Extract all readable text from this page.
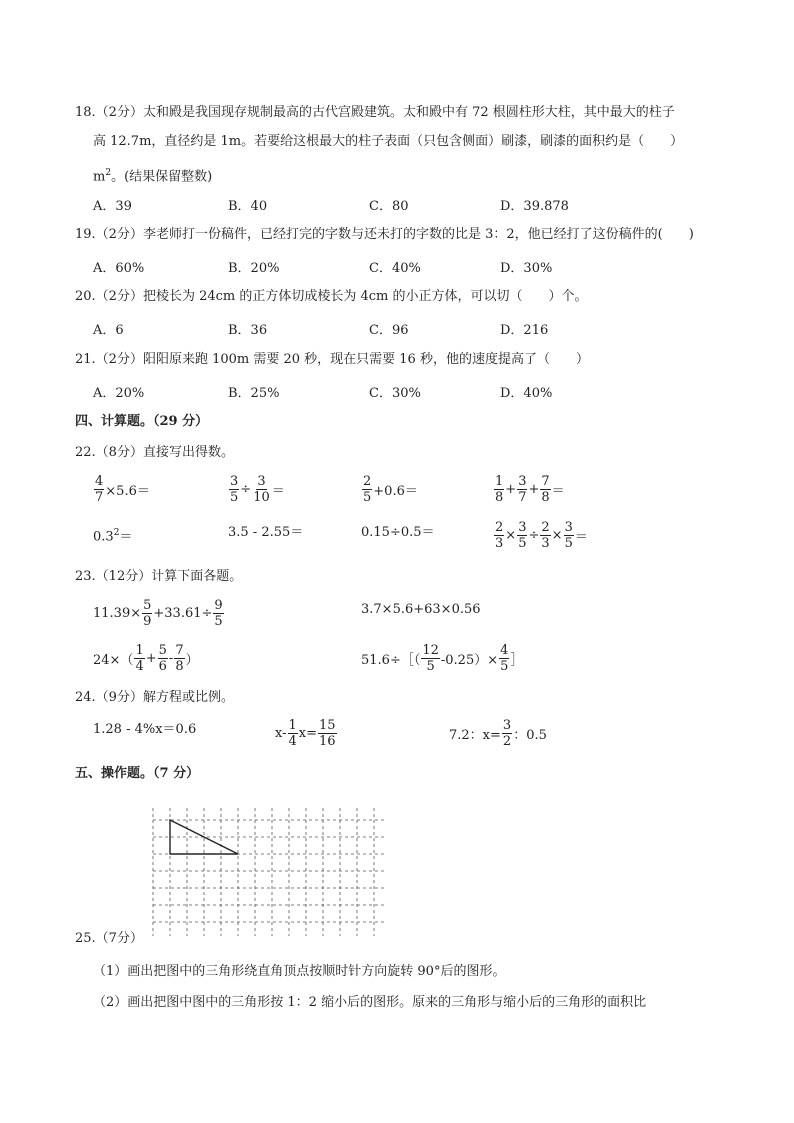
18.（2分）太和殿是我国现存规制最高的古代宫殿建筑。太和殿中有 72 根圆柱形大柱，其中最大的柱子
高 12.7m，直径约是 1m。若要给这根最大的柱子表面（只包含侧面）刷漆，刷漆的面积约是（　　）
$m^2$。(结果保留整数)
A．39	B．40	C．80	D．39.878
19.（2分）李老师打一份稿件，已经打完的字数与还未打的字数的比是 3：2，他已经打了这份稿件的(　　)
A．60%	B．20%	C．40%	D．30%
20.（2分）把棱长为 24cm 的正方体切成棱长为 4cm 的小正方体，可以切（　　）个。
A．6	B．36	C．96	D．216
21.（2分）阳阳原来跑 100m 需要 20 秒，现在只需要 16 秒，他的速度提高了（　　）
A．20%	B．25%	C．30%	D．40%
四、计算题。（29 分）
22.（8分）直接写出得数。
$\frac{4}{7} \times 5.6=$	$\frac{3}{5} \div \frac{3}{10}$ ＝	$\frac{2}{5} +0.6=$	$\frac{1}{8} + \frac{3}{7} + \frac{7}{8}$ ＝
$0.3^2=$	3.5 - 2.55＝	0.15÷0.5＝	$\frac{2}{3} \times \frac{3}{5} \div \frac{2}{3} \times \frac{3}{5}$ ＝
23.（12分）计算下面各题。
$11.39\times \frac{5}{9} +33.61\div \frac{9}{5}$	3.7×5.6+63×0.56
$24\times( \frac{1}{4} + \frac{5}{6} - \frac{7}{8}$ ）	51.6÷［（ $\frac{12}{5} -0.25)\times \frac{4}{5}$ ］
24.（9分）解方程或比例。
1.28 - 4%x＝0.6	$x- \frac{1}{4} x= \frac{15}{16}$	7.2：$x= \frac{3}{2}$ ：0.5
五、操作题。（7 分）
25.（7分）
（1）画出把图中的三角形绕直角顶点按顺时针方向旋转 90°后的图形。
（2）画出把图中图中的三角形按 1：2 缩小后的图形。原来的三角形与缩小后的三角形的面积比
